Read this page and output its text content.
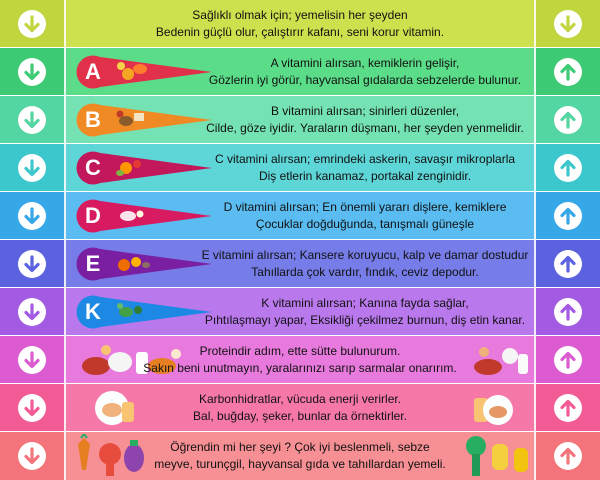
Sağlıklı olmak için; yemelisin her şeyden
Bedenin güçlü olur, çalıştırır kafanı, seni korur vitamin.
A	A vitamini alırsan, kemiklerin gelişir,
Gözlerin iyi görür, hayvansal gıdalarda sebzelerde bulunur.
B	B vitamini alırsan; sinirleri düzenler,
Cilde, göze iyidir. Yaraların düşmanı, her şeyden yenmelidir.
C	C vitamini alırsan; emrindeki askerin, savaşır mikroplarla
Diş etlerin kanamaz, portakal zenginidir.
D	D vitamini alırsan; En önemli yararı dişlere, kemiklere
Çocuklar doğduğunda, tanışmalı güneşle
E	E vitamini alırsan; Kansere koruyucu, kalp ve damar dostudur
Tahıllarda çok vardır, fındık, ceviz depodur.
K	K vitamini alırsan; Kanına fayda sağlar,
Pıhtılaşmayı yapar, Eksikliği çekilmez burnun, diş etin kanar.
Proteindir adım, ette sütte bulunurum.
Sakın beni unutmayın, yaralarınızı sarıp sarmalar onarırım.
Karbonhidratlar, vücuda enerji verirler.
Bal, buğday, şeker, bunlar da örnektirler.
Öğrendin mi her şeyi ? Çok iyi beslenmeli, sebze
meyve, turunçgil, hayvansal gıda ve tahıllardan yemeli.
